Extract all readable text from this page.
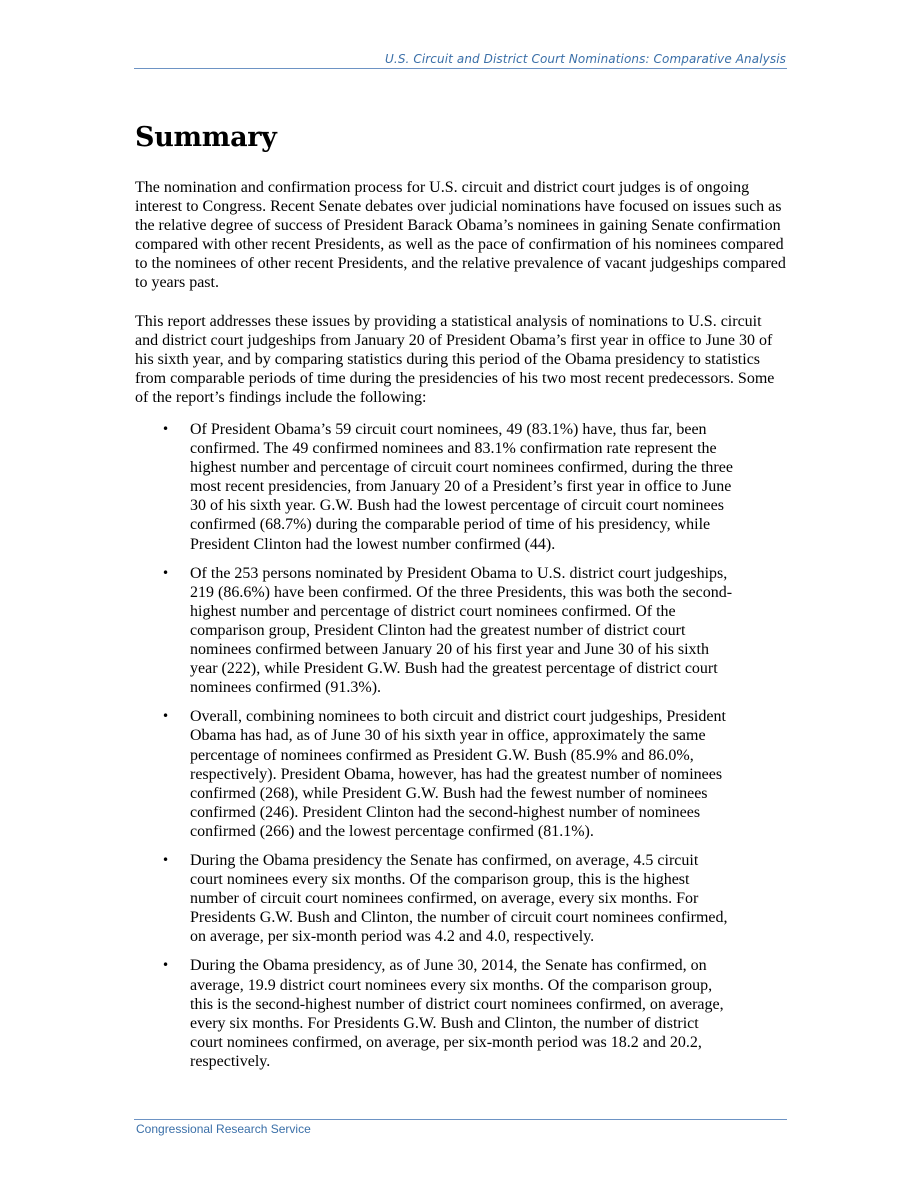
U.S. Circuit and District Court Nominations: Comparative Analysis
Summary

The nomination and confirmation process for U.S. circuit and district court judges is of ongoing interest to Congress. Recent Senate debates over judicial nominations have focused on issues such as the relative degree of success of President Barack Obama’s nominees in gaining Senate confirmation compared with other recent Presidents, as well as the pace of confirmation of his nominees compared to the nominees of other recent Presidents, and the relative prevalence of vacant judgeships compared to years past.

This report addresses these issues by providing a statistical analysis of nominations to U.S. circuit and district court judgeships from January 20 of President Obama’s first year in office to June 30 of his sixth year, and by comparing statistics during this period of the Obama presidency to statistics from comparable periods of time during the presidencies of his two most recent predecessors. Some of the report’s findings include the following:

• Of President Obama’s 59 circuit court nominees, 49 (83.1%) have, thus far, been confirmed. The 49 confirmed nominees and 83.1% confirmation rate represent the highest number and percentage of circuit court nominees confirmed, during the three most recent presidencies, from January 20 of a President’s first year in office to June 30 of his sixth year. G.W. Bush had the lowest percentage of circuit court nominees confirmed (68.7%) during the comparable period of time of his presidency, while President Clinton had the lowest number confirmed (44).
• Of the 253 persons nominated by President Obama to U.S. district court judgeships, 219 (86.6%) have been confirmed. Of the three Presidents, this was both the second-highest number and percentage of district court nominees confirmed. Of the comparison group, President Clinton had the greatest number of district court nominees confirmed between January 20 of his first year and June 30 of his sixth year (222), while President G.W. Bush had the greatest percentage of district court nominees confirmed (91.3%).
• Overall, combining nominees to both circuit and district court judgeships, President Obama has had, as of June 30 of his sixth year in office, approximately the same percentage of nominees confirmed as President G.W. Bush (85.9% and 86.0%, respectively). President Obama, however, has had the greatest number of nominees confirmed (268), while President G.W. Bush had the fewest number of nominees confirmed (246). President Clinton had the second-highest number of nominees confirmed (266) and the lowest percentage confirmed (81.1%).
• During the Obama presidency the Senate has confirmed, on average, 4.5 circuit court nominees every six months. Of the comparison group, this is the highest number of circuit court nominees confirmed, on average, every six months. For Presidents G.W. Bush and Clinton, the number of circuit court nominees confirmed, on average, per six-month period was 4.2 and 4.0, respectively.
• During the Obama presidency, as of June 30, 2014, the Senate has confirmed, on average, 19.9 district court nominees every six months. Of the comparison group, this is the second-highest number of district court nominees confirmed, on average, every six months. For Presidents G.W. Bush and Clinton, the number of district court nominees confirmed, on average, per six-month period was 18.2 and 20.2, respectively.
Congressional Research Service
